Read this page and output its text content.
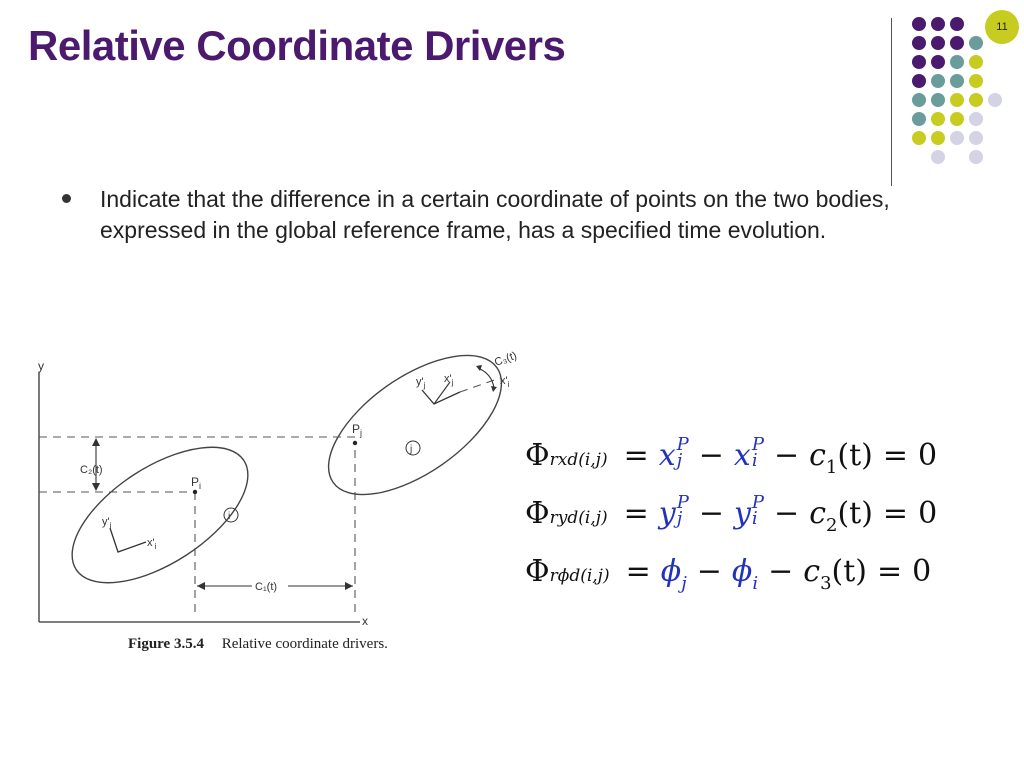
Relative Coordinate Drivers	11
Indicate that the difference in a certain coordinate of points on the two bodies, expressed in the global reference frame, has a specified time evolution.
y
x
$P_i$
$P_j$
i
j
$y'_i$
$x'_i$
$y'_j$
$x'_j$
C₃(t)
$x'_i$
C₂(t)
C₁(t)
Figure 3.5.4 Relative coordinate drivers.
Φ rxd(i,j) = x P
j − x P
$i - c_1$ (t) = 0
Φ ryd(i,j) = y P
j − y P
$i - c_2$ (t) = 0
Φ $r\phi d(i,j) = \phi_j - \phi_i - c_3$ (t) = 0
